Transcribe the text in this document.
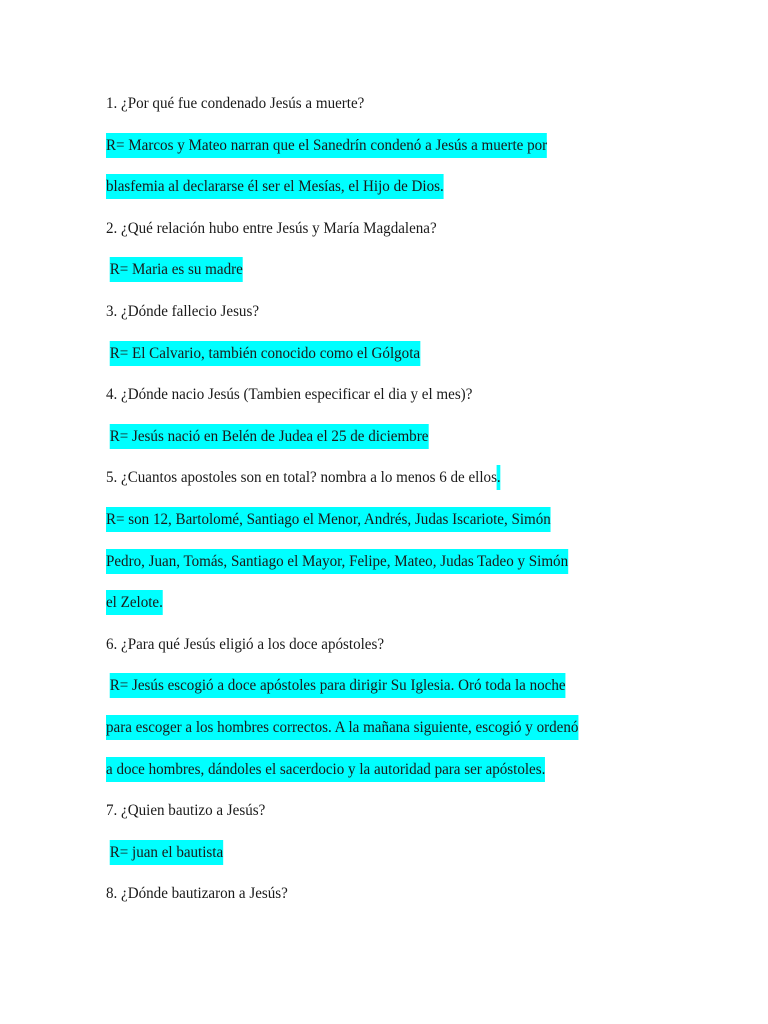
1. ¿Por qué fue condenado Jesús a muerte?
R= Marcos y Mateo narran que el Sanedrín condenó a Jesús a muerte por
blasfemia al declararse él ser el Mesías, el Hijo de Dios.
2. ¿Qué relación hubo entre Jesús y María Magdalena?
R= Maria es su madre
3. ¿Dónde fallecio Jesus?
R= El Calvario, también conocido como el Gólgota
4. ¿Dónde nacio Jesús (Tambien especificar el dia y el mes)?
R= Jesús nació en Belén de Judea el 25 de diciembre
5. ¿Cuantos apostoles son en total? nombra a lo menos 6 de ellos.
R= son 12, Bartolomé, Santiago el Menor, Andrés, Judas Iscariote, Simón
Pedro, Juan, Tomás, Santiago el Mayor, Felipe, Mateo, Judas Tadeo y Simón
el Zelote.
6. ¿Para qué Jesús eligió a los doce apóstoles?
R= Jesús escogió a doce apóstoles para dirigir Su Iglesia. Oró toda la noche
para escoger a los hombres correctos. A la mañana siguiente, escogió y ordenó
a doce hombres, dándoles el sacerdocio y la autoridad para ser apóstoles.
7. ¿Quien bautizo a Jesús?
R= juan el bautista
8. ¿Dónde bautizaron a Jesús?
